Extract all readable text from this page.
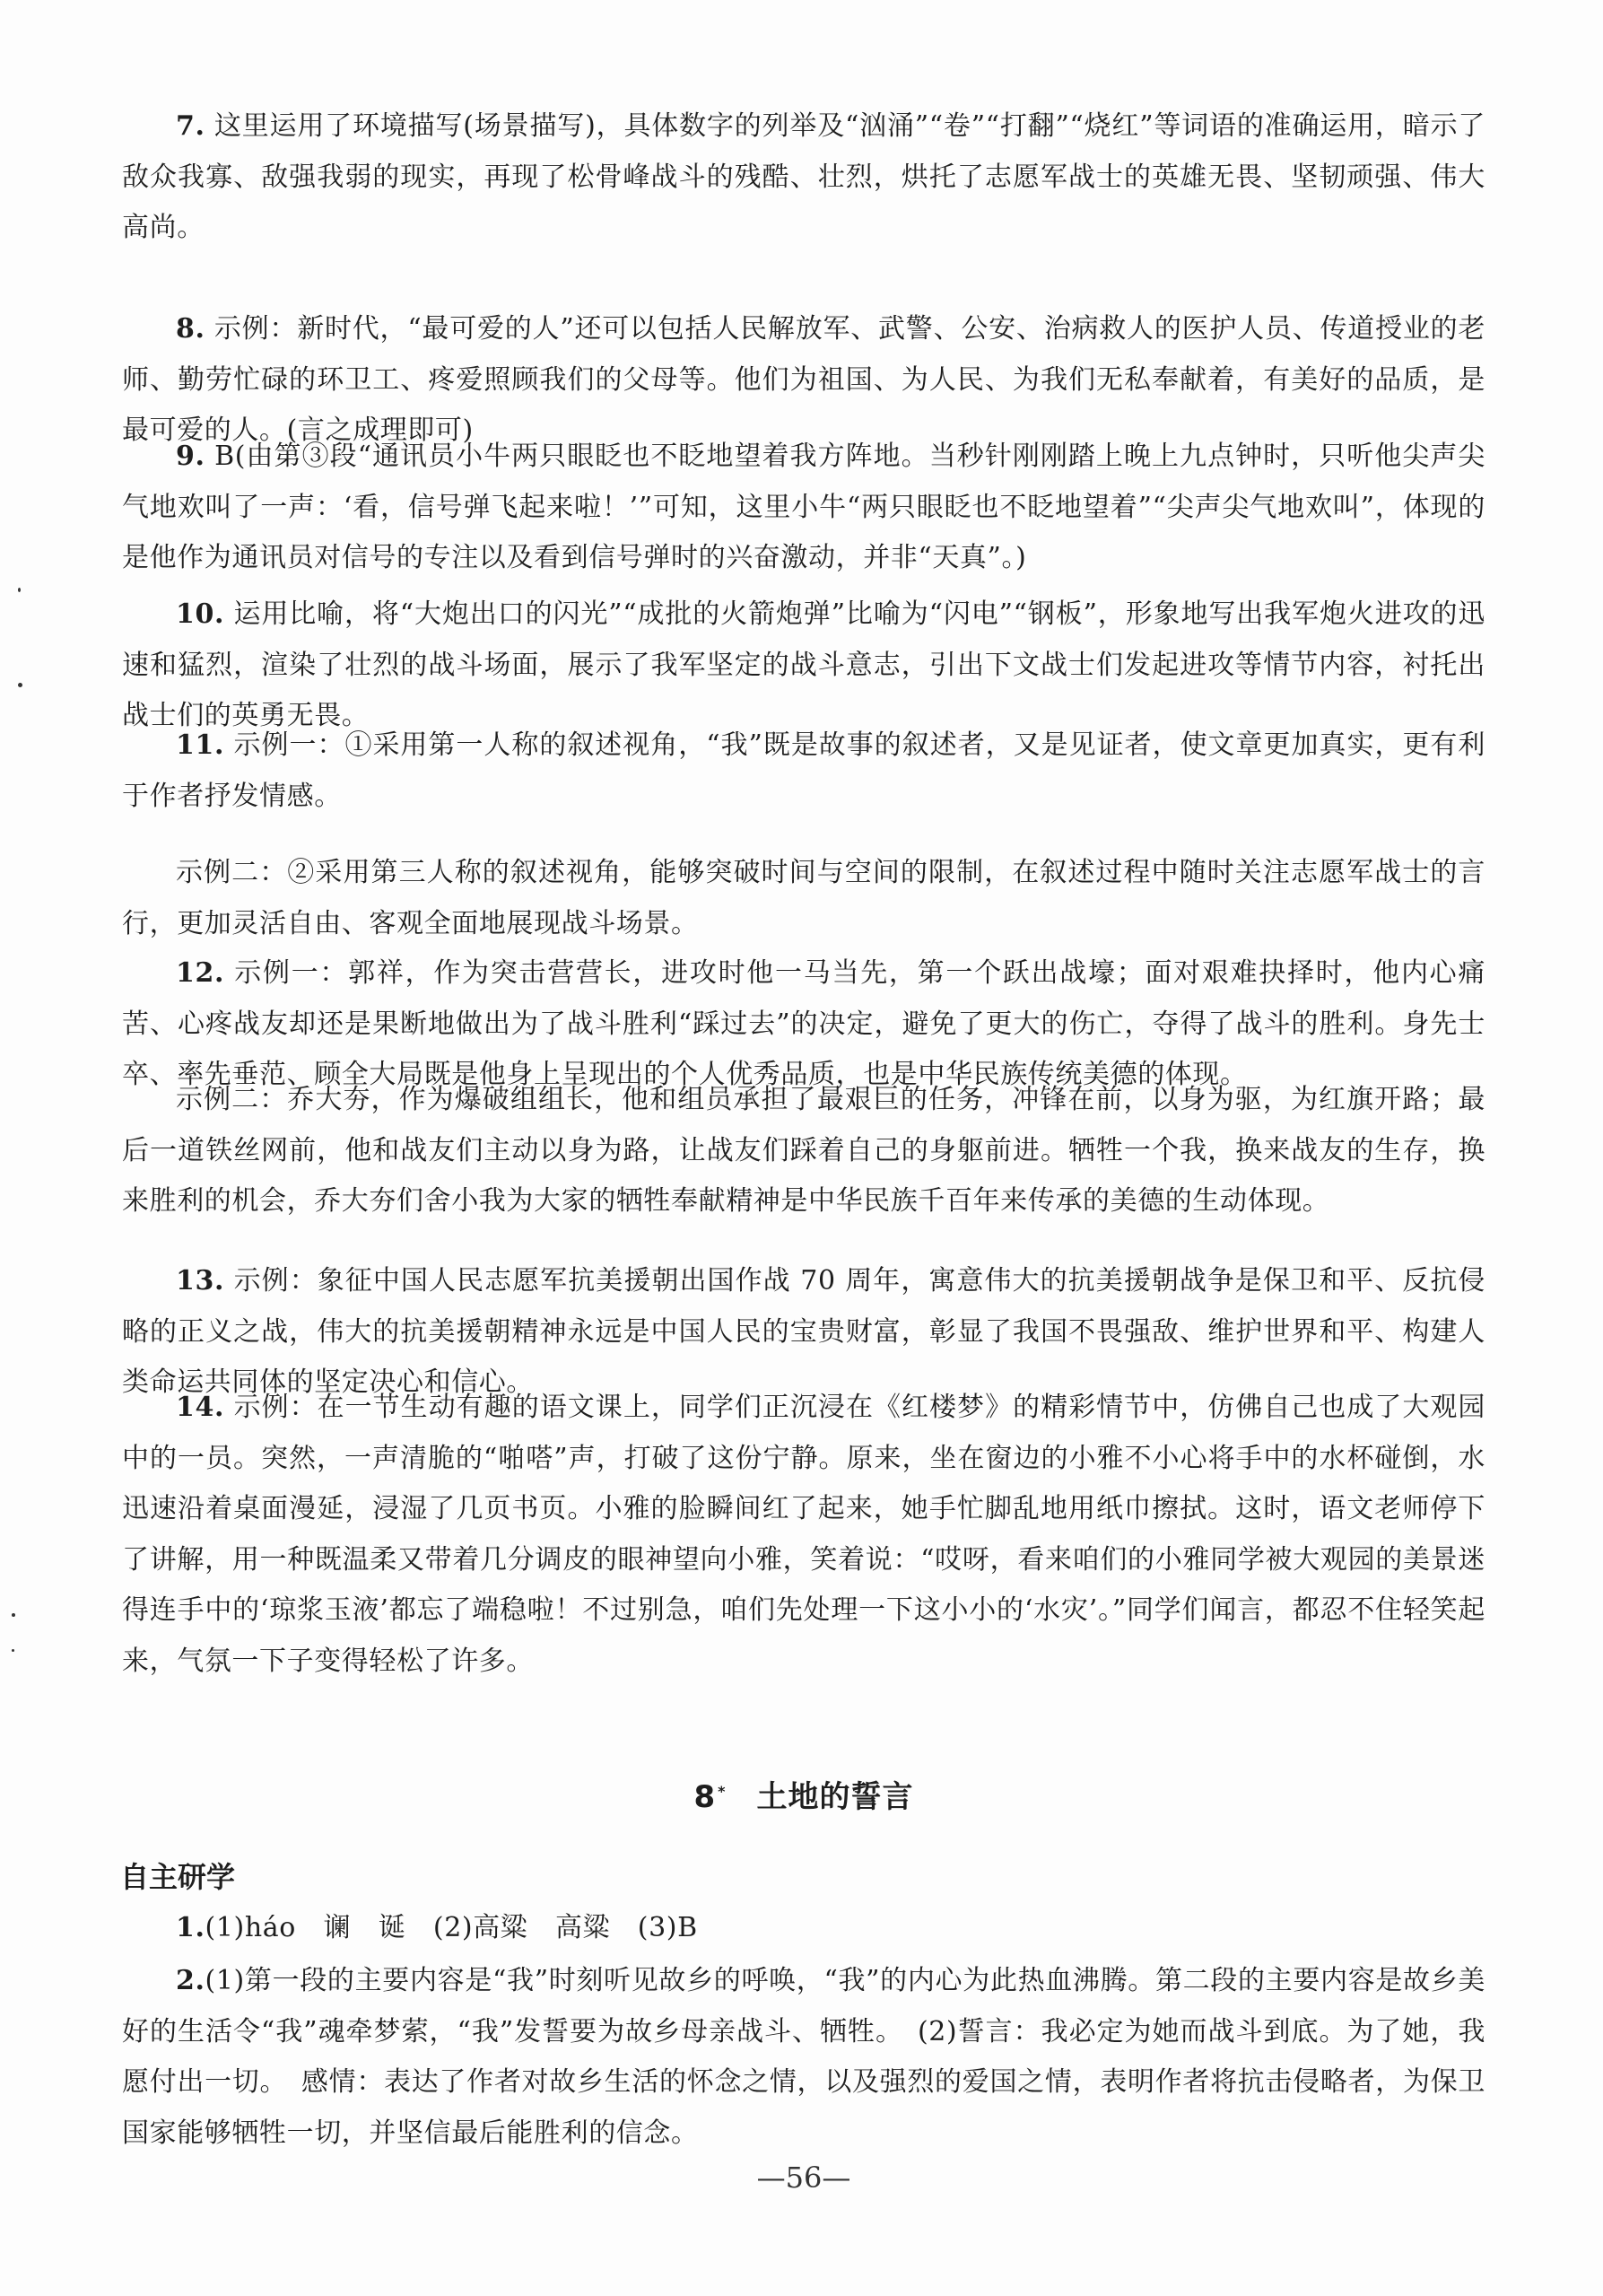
7. 这里运用了环境描写(场景描写)，具体数字的列举及“汹涌”“卷”“打翻”“烧红”等词语的准确运用，暗示了敌众我寡、敌强我弱的现实，再现了松骨峰战斗的残酷、壮烈，烘托了志愿军战士的英雄无畏、坚韧顽强、伟大高尚。

8. 示例：新时代，“最可爱的人”还可以包括人民解放军、武警、公安、治病救人的医护人员、传道授业的老师、勤劳忙碌的环卫工、疼爱照顾我们的父母等。他们为祖国、为人民、为我们无私奉献着，有美好的品质，是最可爱的人。(言之成理即可)

9. B(由第③段“通讯员小牛两只眼眨也不眨地望着我方阵地。当秒针刚刚踏上晚上九点钟时，只听他尖声尖气地欢叫了一声：‘看，信号弹飞起来啦！’”可知，这里小牛“两只眼眨也不眨地望着”“尖声尖气地欢叫”，体现的是他作为通讯员对信号的专注以及看到信号弹时的兴奋激动，并非“天真”。)

10. 运用比喻，将“大炮出口的闪光”“成批的火箭炮弹”比喻为“闪电”“钢板”，形象地写出我军炮火进攻的迅速和猛烈，渲染了壮烈的战斗场面，展示了我军坚定的战斗意志，引出下文战士们发起进攻等情节内容，衬托出战士们的英勇无畏。

11. 示例一：①采用第一人称的叙述视角，“我”既是故事的叙述者，又是见证者，使文章更加真实，更有利于作者抒发情感。

示例二：②采用第三人称的叙述视角，能够突破时间与空间的限制，在叙述过程中随时关注志愿军战士的言行，更加灵活自由、客观全面地展现战斗场景。

12. 示例一：郭祥，作为突击营营长，进攻时他一马当先，第一个跃出战壕；面对艰难抉择时，他内心痛苦、心疼战友却还是果断地做出为了战斗胜利“踩过去”的决定，避免了更大的伤亡，夺得了战斗的胜利。身先士卒、率先垂范、顾全大局既是他身上呈现出的个人优秀品质，也是中华民族传统美德的体现。

示例二：乔大夯，作为爆破组组长，他和组员承担了最艰巨的任务，冲锋在前，以身为驱，为红旗开路；最后一道铁丝网前，他和战友们主动以身为路，让战友们踩着自己的身躯前进。牺牲一个我，换来战友的生存，换来胜利的机会，乔大夯们舍小我为大家的牺牲奉献精神是中华民族千百年来传承的美德的生动体现。

13. 示例：象征中国人民志愿军抗美援朝出国作战 70 周年，寓意伟大的抗美援朝战争是保卫和平、反抗侵略的正义之战，伟大的抗美援朝精神永远是中国人民的宝贵财富，彰显了我国不畏强敌、维护世界和平、构建人类命运共同体的坚定决心和信心。

14. 示例：在一节生动有趣的语文课上，同学们正沉浸在《红楼梦》的精彩情节中，仿佛自己也成了大观园中的一员。突然，一声清脆的“啪嗒”声，打破了这份宁静。原来，坐在窗边的小雅不小心将手中的水杯碰倒，水迅速沿着桌面漫延，浸湿了几页书页。小雅的脸瞬间红了起来，她手忙脚乱地用纸巾擦拭。这时，语文老师停下了讲解，用一种既温柔又带着几分调皮的眼神望向小雅，笑着说：“哎呀，看来咱们的小雅同学被大观园的美景迷得连手中的‘琼浆玉液’都忘了端稳啦！不过别急，咱们先处理一下这小小的‘水灾’。”同学们闻言，都忍不住轻笑起来，气氛一下子变得轻松了许多。

8 * 土地的誓言
自主研学

1.(1)háo　谰　诞　(2)高粱　高粱　(3)B

2.(1)第一段的主要内容是“我”时刻听见故乡的呼唤，“我”的内心为此热血沸腾。第二段的主要内容是故乡美好的生活令“我”魂牵梦萦，“我”发誓要为故乡母亲战斗、牺牲。　(2)誓言：我必定为她而战斗到底。为了她，我愿付出一切。　感情：表达了作者对故乡生活的怀念之情，以及强烈的爱国之情，表明作者将抗击侵略者，为保卫国家能够牺牲一切，并坚信最后能胜利的信念。

—56—
